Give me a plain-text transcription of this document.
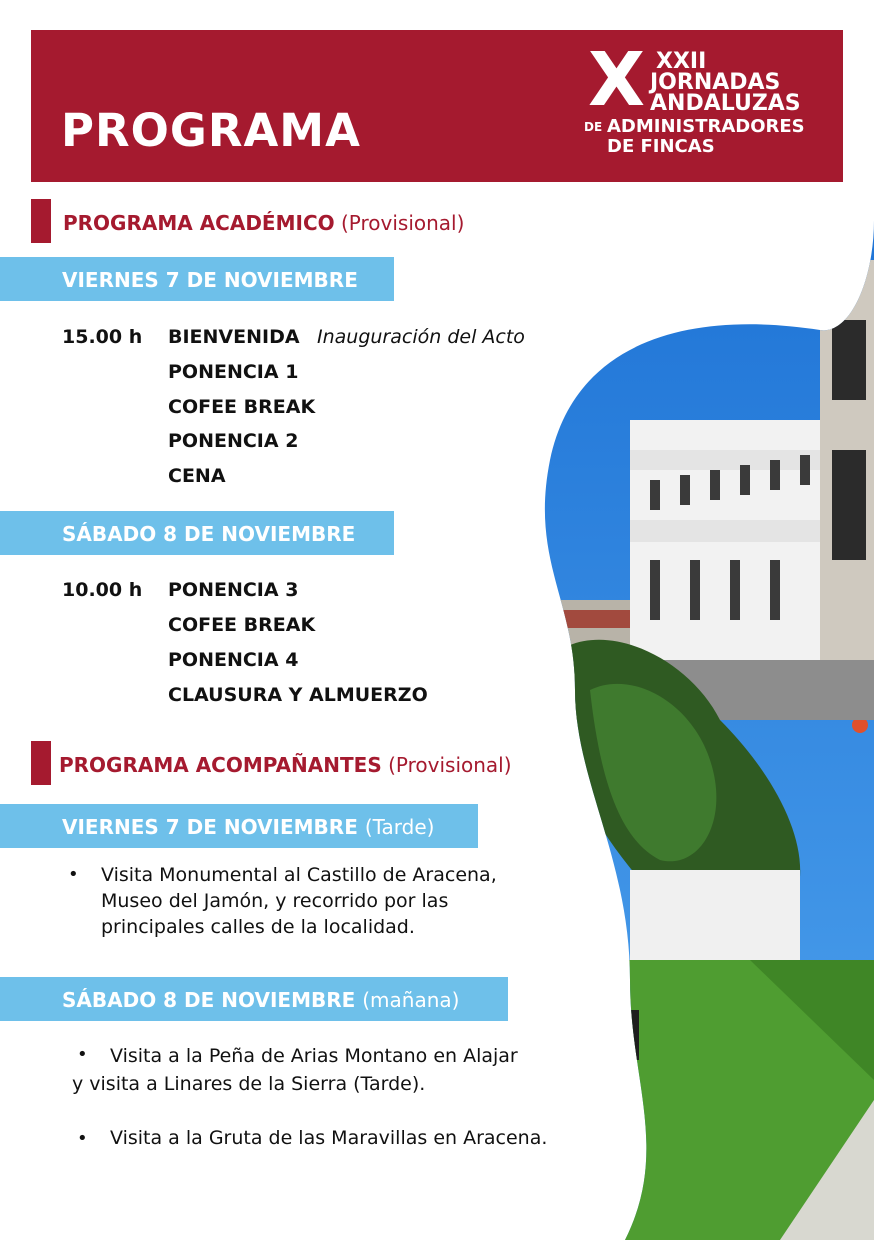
PROGRAMA
X XXII
JORNADAS
ANDALUZAS
DE ADMINISTRADORES
DE FINCAS
PROGRAMA ACADÉMICO (Provisional)
VIERNES 7 DE NOVIEMBRE
15.00 h BIENVENIDA Inauguración del Acto
PONENCIA 1
COFEE BREAK
PONENCIA 2
CENA
SÁBADO 8 DE NOVIEMBRE
10.00 h PONENCIA 3
COFEE BREAK
PONENCIA 4
CLAUSURA Y ALMUERZO
PROGRAMA ACOMPAÑANTES (Provisional)
VIERNES 7 DE NOVIEMBRE (Tarde)
• Visita Monumental al Castillo de Aracena,
Museo del Jamón, y recorrido por las
principales calles de la localidad.
SÁBADO 8 DE NOVIEMBRE (mañana)
• Visita a la Peña de Arias Montano en Alajar
y visita a Linares de la Sierra (Tarde).
• Visita a la Gruta de las Maravillas en Aracena.
